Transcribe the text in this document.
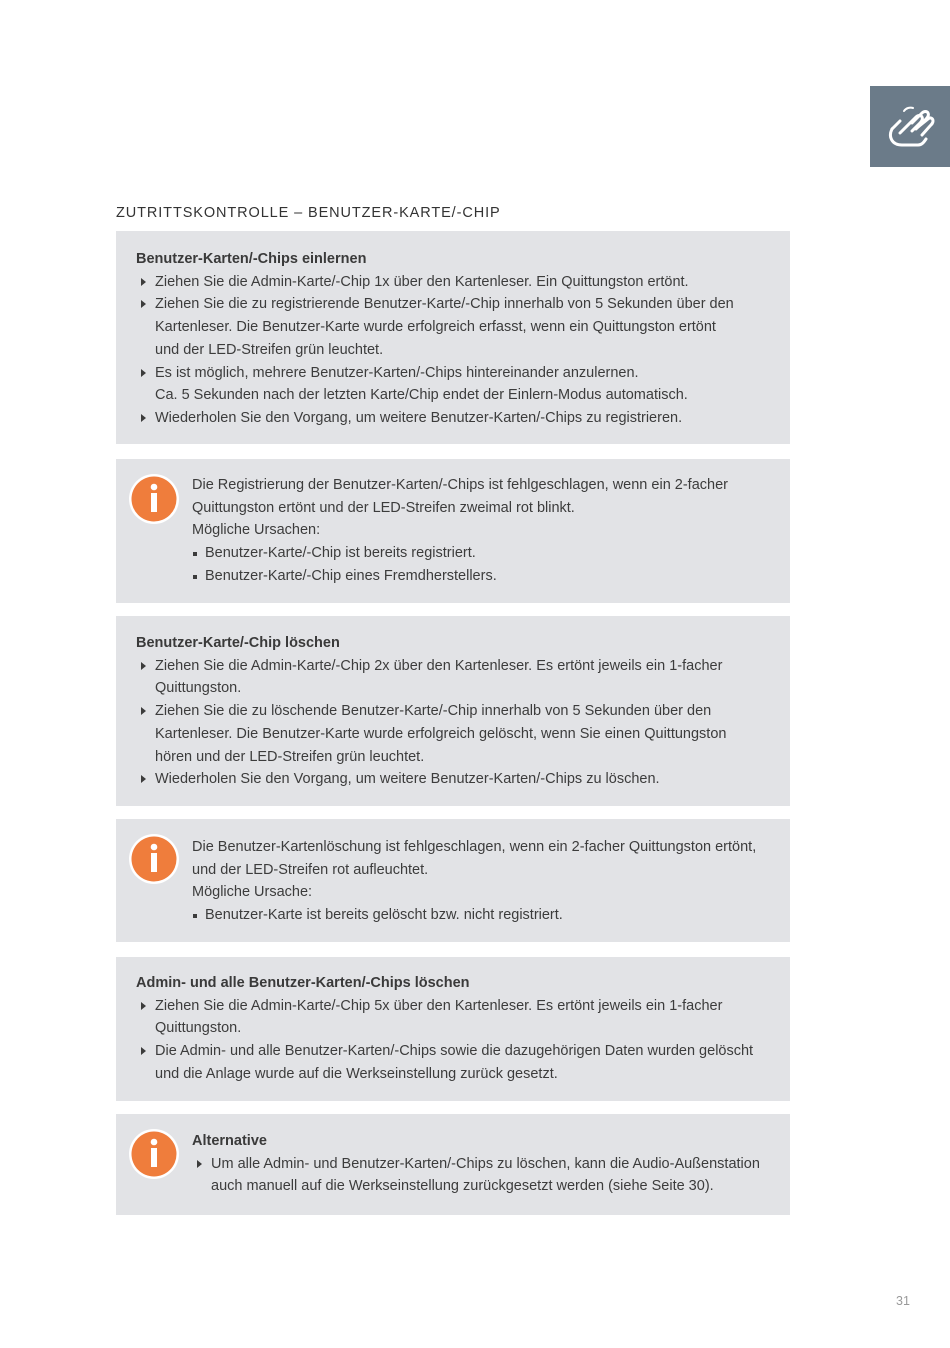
ZUTRITTSKONTROLLE – BENUTZER-KARTE/-CHIP
Benutzer-Karten/-Chips einlernen
Ziehen Sie die Admin-Karte/-Chip 1x über den Kartenleser. Ein Quittungston ertönt.
Ziehen Sie die zu registrierende Benutzer-Karte/-Chip innerhalb von 5 Sekunden über den
Kartenleser. Die Benutzer-Karte wurde erfolgreich erfasst, wenn ein Quittungston ertönt
und der LED-Streifen grün leuchtet.
Es ist möglich, mehrere Benutzer-Karten/-Chips hintereinander anzulernen.
Ca. 5 Sekunden nach der letzten Karte/Chip endet der Einlern-Modus automatisch.
Wiederholen Sie den Vorgang, um weitere Benutzer-Karten/-Chips zu registrieren.
Die Registrierung der Benutzer-Karten/-Chips ist fehlgeschlagen, wenn ein 2-facher
Quittungston ertönt und der LED-Streifen zweimal rot blinkt.
Mögliche Ursachen:
Benutzer-Karte/-Chip ist bereits registriert.
Benutzer-Karte/-Chip eines Fremdherstellers.
Benutzer-Karte/-Chip löschen
Ziehen Sie die Admin-Karte/-Chip 2x über den Kartenleser. Es ertönt jeweils ein 1-facher
Quittungston.
Ziehen Sie die zu löschende Benutzer-Karte/-Chip innerhalb von 5 Sekunden über den
Kartenleser. Die Benutzer-Karte wurde erfolgreich gelöscht, wenn Sie einen Quittungston
hören und der LED-Streifen grün leuchtet.
Wiederholen Sie den Vorgang, um weitere Benutzer-Karten/-Chips zu löschen.
Die Benutzer-Kartenlöschung ist fehlgeschlagen, wenn ein 2-facher Quittungston ertönt,
und der LED-Streifen rot aufleuchtet.
Mögliche Ursache:
Benutzer-Karte ist bereits gelöscht bzw. nicht registriert.
Admin- und alle Benutzer-Karten/-Chips löschen
Ziehen Sie die Admin-Karte/-Chip 5x über den Kartenleser. Es ertönt jeweils ein 1-facher
Quittungston.
Die Admin- und alle Benutzer-Karten/-Chips sowie die dazugehörigen Daten wurden gelöscht
und die Anlage wurde auf die Werkseinstellung zurück gesetzt.
Alternative
Um alle Admin- und Benutzer-Karten/-Chips zu löschen, kann die Audio-Außenstation
auch manuell auf die Werkseinstellung zurückgesetzt werden (siehe Seite 30).
31
